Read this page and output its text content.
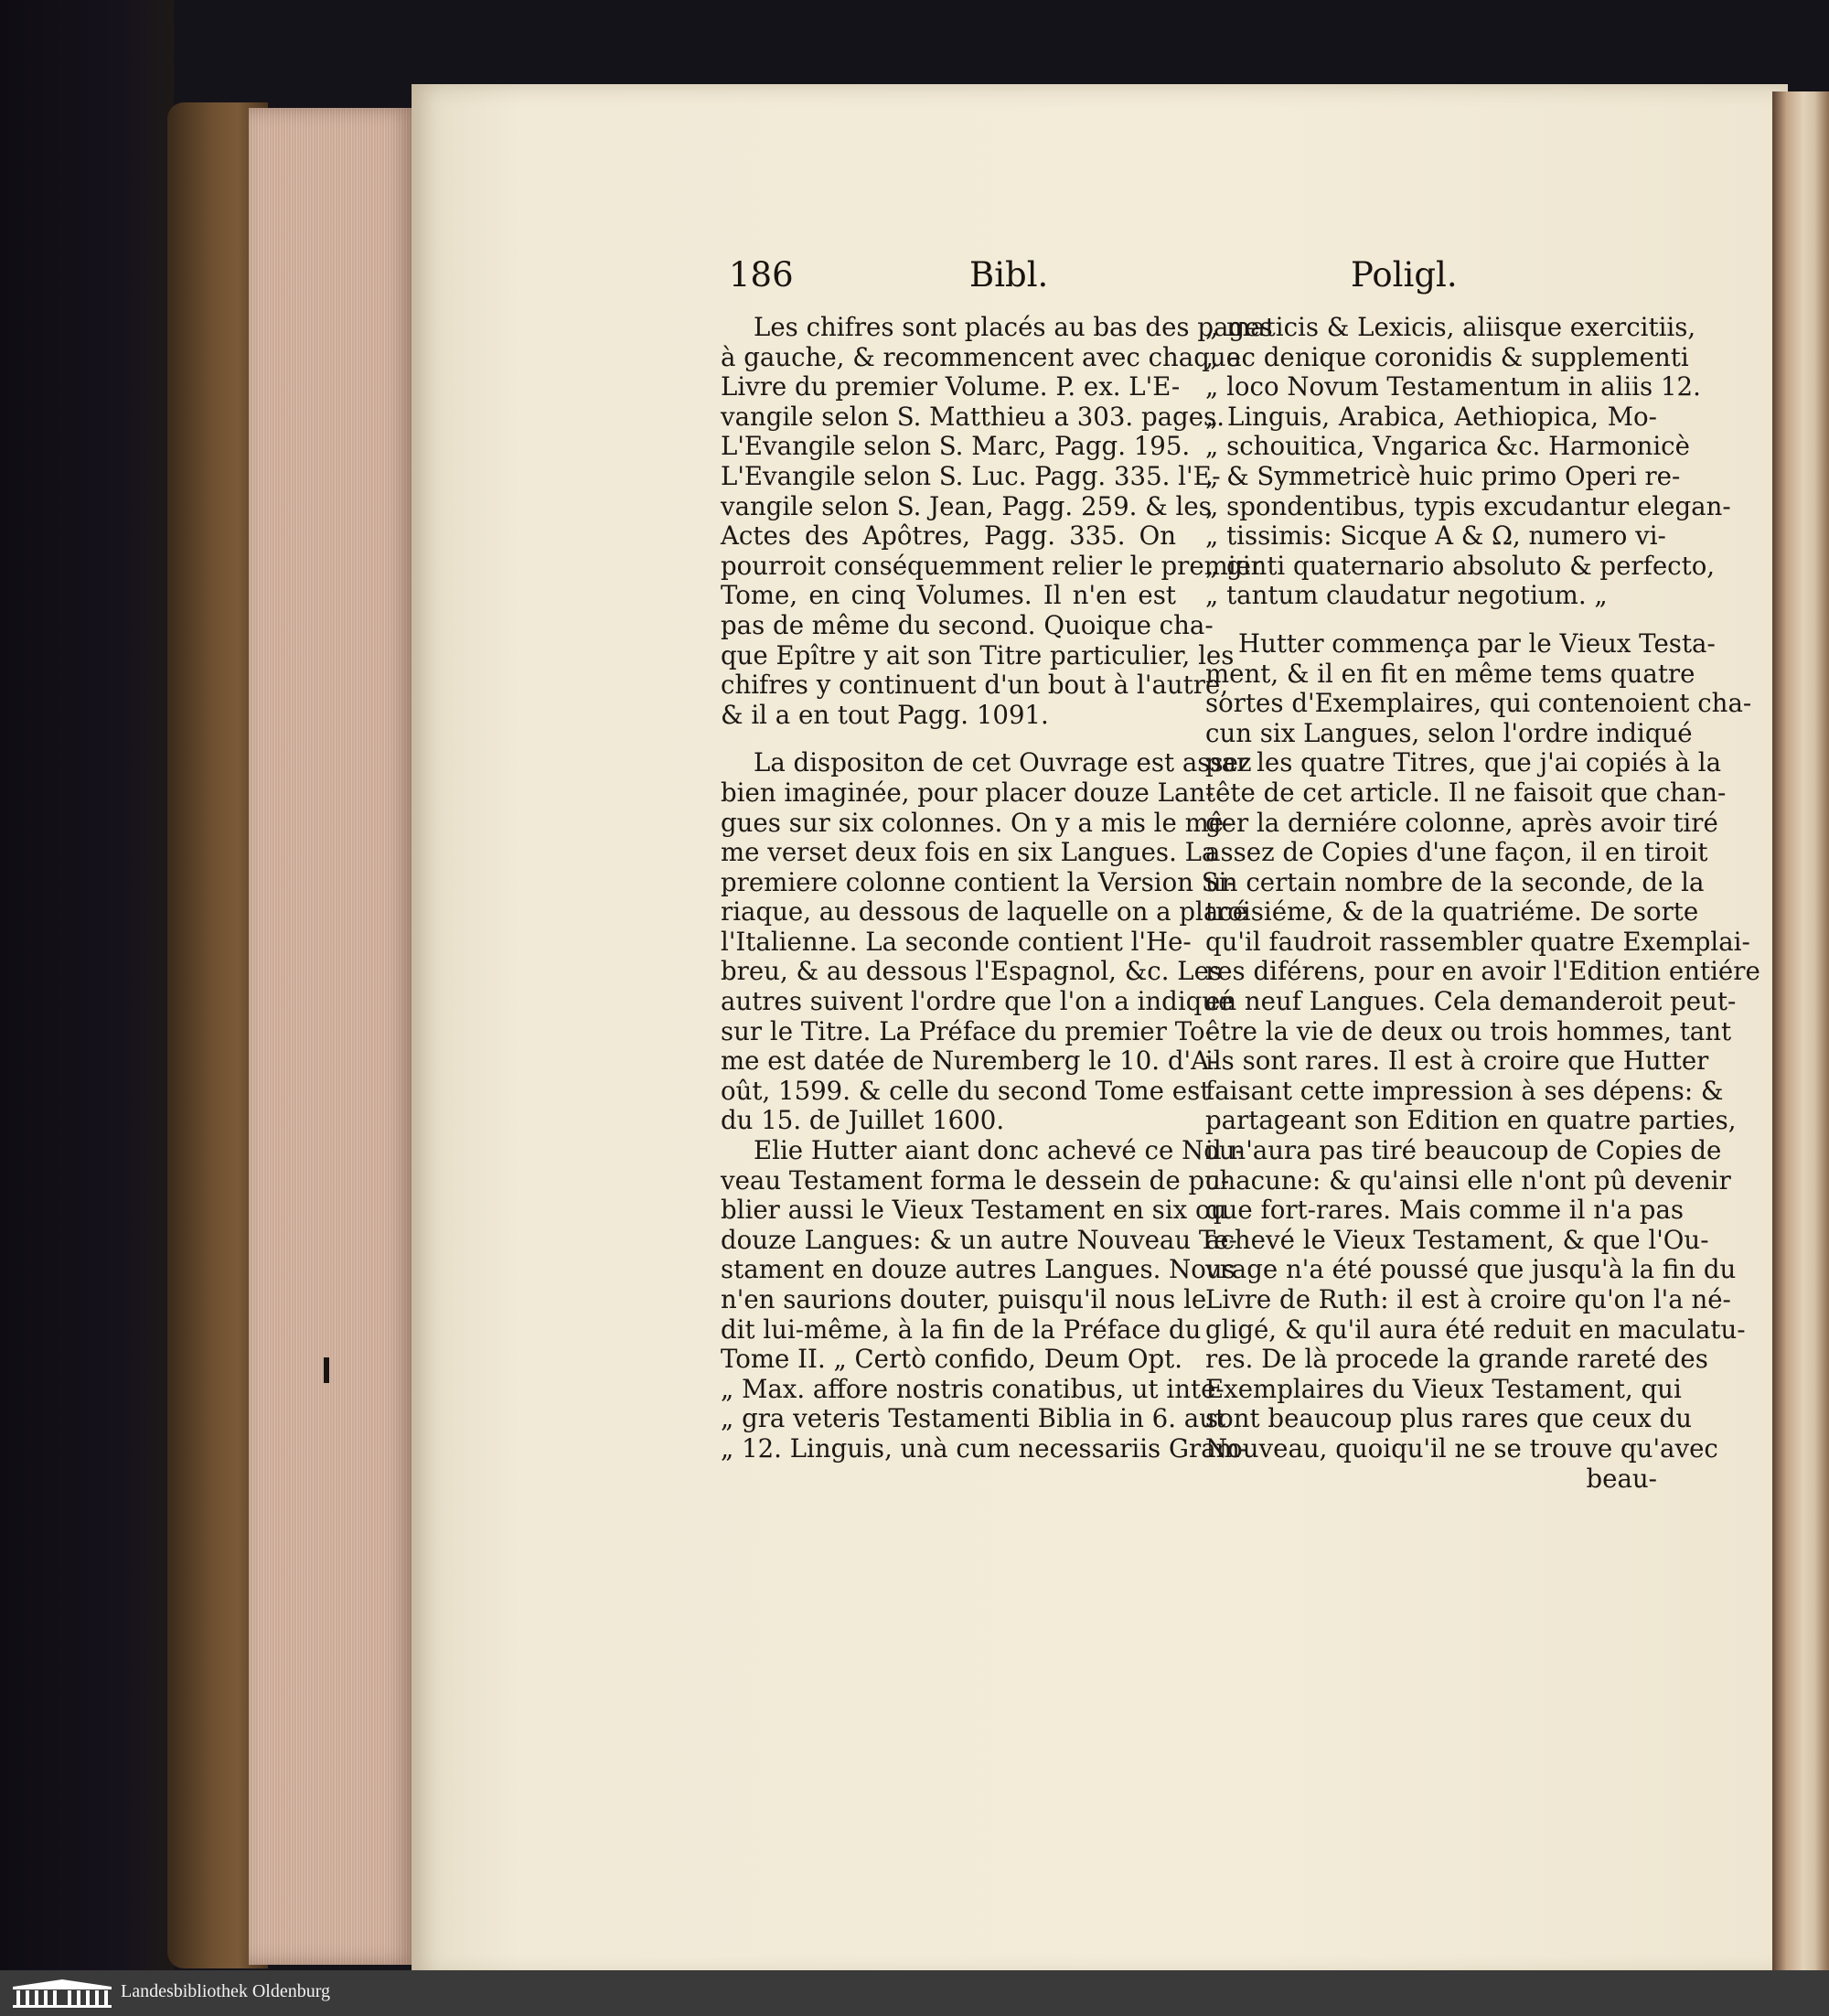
186	Bibl.	Poligl.
Les chifres sont placés au bas des pages
à gauche, & recommencent avec chaque
Livre du premier Volume. P. ex. L'E-
vangile selon S. Matthieu a 303. pages.
L'Evangile selon S. Marc, Pagg. 195.
L'Evangile selon S. Luc. Pagg. 335. l'E-
vangile selon S. Jean, Pagg. 259. & les
Actes des Apôtres, Pagg. 335. On
pourroit conséquemment relier le premier
Tome, en cinq Volumes. Il n'en est
pas de même du second. Quoique cha-
que Epître y ait son Titre particulier, les
chifres y continuent d'un bout à l'autre,
& il a en tout Pagg. 1091.
La dispositon de cet Ouvrage est assez
bien imaginée, pour placer douze Lan-
gues sur six colonnes. On y a mis le mê-
me verset deux fois en six Langues. La
premiere colonne contient la Version Si-
riaque, au dessous de laquelle on a placé
l'Italienne. La seconde contient l'He-
breu, & au dessous l'Espagnol, &c. Les
autres suivent l'ordre que l'on a indiqué
sur le Titre. La Préface du premier To-
me est datée de Nuremberg le 10. d'A-
oût, 1599. & celle du second Tome est
du 15. de Juillet 1600.
Elie Hutter aiant donc achevé ce Nou-
veau Testament forma le dessein de pu-
blier aussi le Vieux Testament en six ou
douze Langues: & un autre Nouveau Te-
stament en douze autres Langues. Nous
n'en saurions douter, puisqu'il nous le
dit lui-même, à la fin de la Préface du
Tome II. „ Certò confido, Deum Opt.
„ Max. affore nostris conatibus, ut inte-
„ gra veteris Testamenti Biblia in 6. aut
„ 12. Linguis, unà cum necessariis Gram-
„ maticis & Lexicis, aliisque exercitiis,
„ ac denique coronidis & supplementi
„ loco Novum Testamentum in aliis 12.
„ Linguis, Arabica, Aethiopica, Mo-
„ schouitica, Vngarica &c. Harmonicè
„ & Symmetricè huic primo Operi re-
„ spondentibus, typis excudantur elegan-
„ tissimis: Sicque A & Ω, numero vi-
„ ginti quaternario absoluto & perfecto,
„ tantum claudatur negotium. „
Hutter commença par le Vieux Testa-
ment, & il en fit en même tems quatre
sortes d'Exemplaires, qui contenoient cha-
cun six Langues, selon l'ordre indiqué
par les quatre Titres, que j'ai copiés à la
tête de cet article. Il ne faisoit que chan-
ger la derniére colonne, après avoir tiré
assez de Copies d'une façon, il en tiroit
un certain nombre de la seconde, de la
troisiéme, & de la quatriéme. De sorte
qu'il faudroit rassembler quatre Exemplai-
res diférens, pour en avoir l'Edition entiére
en neuf Langues. Cela demanderoit peut-
être la vie de deux ou trois hommes, tant
ils sont rares. Il est à croire que Hutter
faisant cette impression à ses dépens: &
partageant son Edition en quatre parties,
il n'aura pas tiré beaucoup de Copies de
chacune: & qu'ainsi elle n'ont pû devenir
que fort-rares. Mais comme il n'a pas
achevé le Vieux Testament, & que l'Ou-
vrage n'a été poussé que jusqu'à la fin du
Livre de Ruth: il est à croire qu'on l'a né-
gligé, & qu'il aura été reduit en maculatu-
res. De là procede la grande rareté des
Exemplaires du Vieux Testament, qui
sont beaucoup plus rares que ceux du
Nouveau, quoiqu'il ne se trouve qu'avec
beau-
Landesbibliothek Oldenburg
